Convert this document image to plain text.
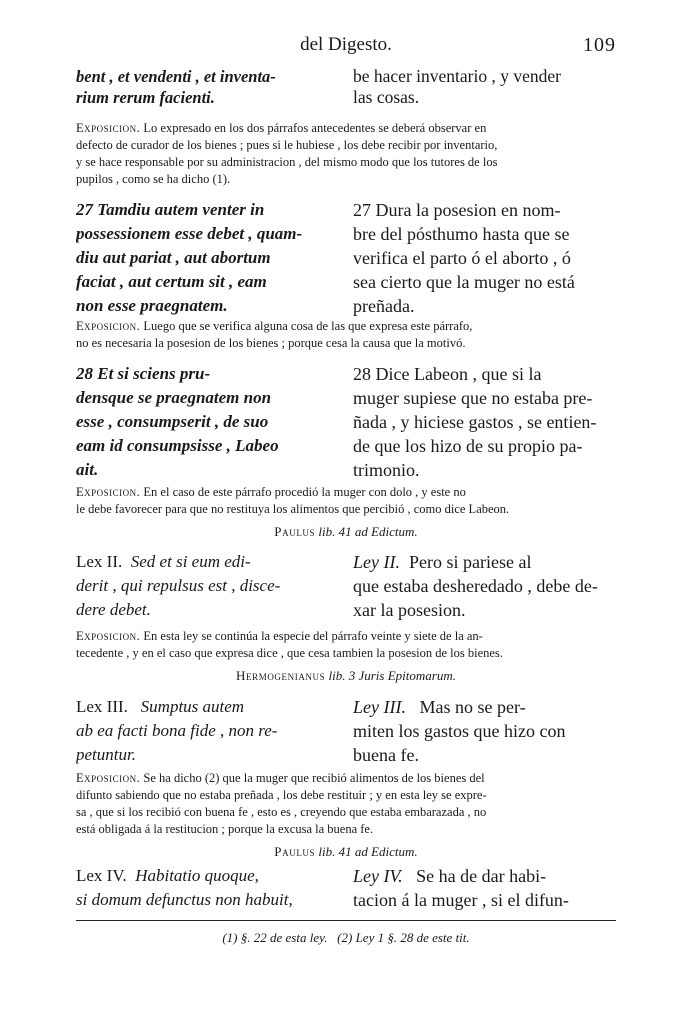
del Digesto.	109
bent , et vendenti , et inventa-
rium rerum facienti.
be hacer inventario , y vender
las cosas.
Exposicion. Lo expresado en los dos párrafos antecedentes se deberá observar en
defecto de curador de los bienes ; pues si le hubiese , los debe recibir por inventario,
y se hace responsable por su administracion , del mismo modo que los tutores de los
pupilos , como se ha dicho (1).
27 Tamdiu autem venter in
possessionem esse debet , quam-
diu aut pariat , aut abortum
faciat , aut certum sit , eam
non esse praegnatem.
27 Dura la posesion en nom-
bre del pósthumo hasta que se
verifica el parto ó el aborto , ó
sea cierto que la muger no está
preñada.
Exposicion. Luego que se verifica alguna cosa de las que expresa este párrafo,
no es necesaria la posesion de los bienes ; porque cesa la causa que la motivó.
28 Et si sciens pru-
densque se praegnatem non
esse , consumpserit , de suo
eam id consumpsisse , Labeo
ait.
28 Dice Labeon , que si la
muger supiese que no estaba pre-
ñada , y hiciese gastos , se entien-
de que los hizo de su propio pa-
trimonio.
Exposicion. En el caso de este párrafo procedió la muger con dolo , y este no
le debe favorecer para que no restituya los alimentos que percibió , como dice Labeon.
Paulus lib. 41 ad Edictum.
Lex II. Sed et si eum edi-
derit , qui repulsus est , disce-
dere debet.
Ley II. Pero si pariese al
que estaba desheredado , debe de-
xar la posesion.
Exposicion. En esta ley se continúa la especie del párrafo veinte y siete de la an-
tecedente , y en el caso que expresa dice , que cesa tambien la posesion de los bienes.
Hermogenianus lib. 3 Juris Epitomarum.
Lex III. Sumptus autem
ab ea facti bona fide , non re-
petuntur.
Ley III. Mas no se per-
miten los gastos que hizo con
buena fe.
Exposicion. Se ha dicho (2) que la muger que recibió alimentos de los bienes del
difunto sabiendo que no estaba preñada , los debe restituir ; y en esta ley se expre-
sa , que si los recibió con buena fe , esto es , creyendo que estaba embarazada , no
está obligada á la restitucion ; porque la excusa la buena fe.
Paulus lib. 41 ad Edictum.
Lex IV. Habitatio quoque,
si domum defunctus non habuit,
Ley IV. Se ha de dar habi-
tacion á la muger , si el difun-
(1) §. 22 de esta ley. (2) Ley 1 §. 28 de este tit.
